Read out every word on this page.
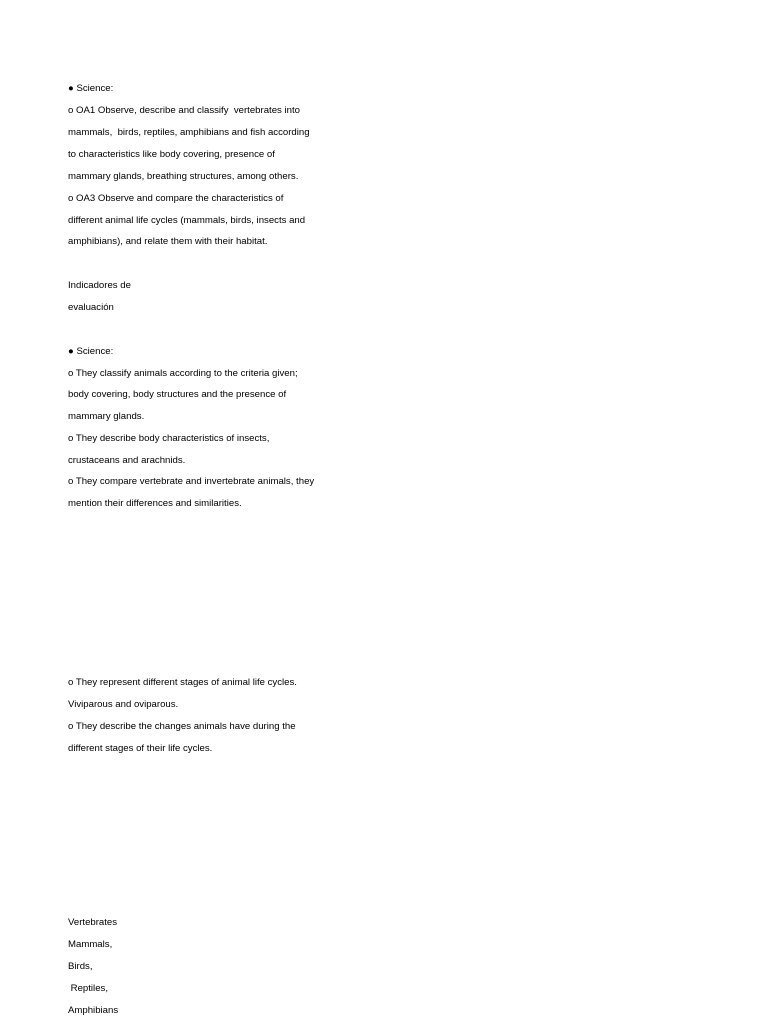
● Science:
o OA1 Observe, describe and classify  vertebrates into
mammals,  birds, reptiles, amphibians and fish according
to characteristics like body covering, presence of
mammary glands, breathing structures, among others.
o OA3 Observe and compare the characteristics of
different animal life cycles (mammals, birds, insects and
amphibians), and relate them with their habitat.
Indicadores de
evaluación
● Science:
o They classify animals according to the criteria given;
body covering, body structures and the presence of
mammary glands.
o They describe body characteristics of insects,
crustaceans and arachnids.
o They compare vertebrate and invertebrate animals, they
mention their differences and similarities.
o They represent different stages of animal life cycles.
Viviparous and oviparous.
o They describe the changes animals have during the
different stages of their life cycles.
Vertebrates
Mammals,
Birds,
Reptiles,
Amphibians
